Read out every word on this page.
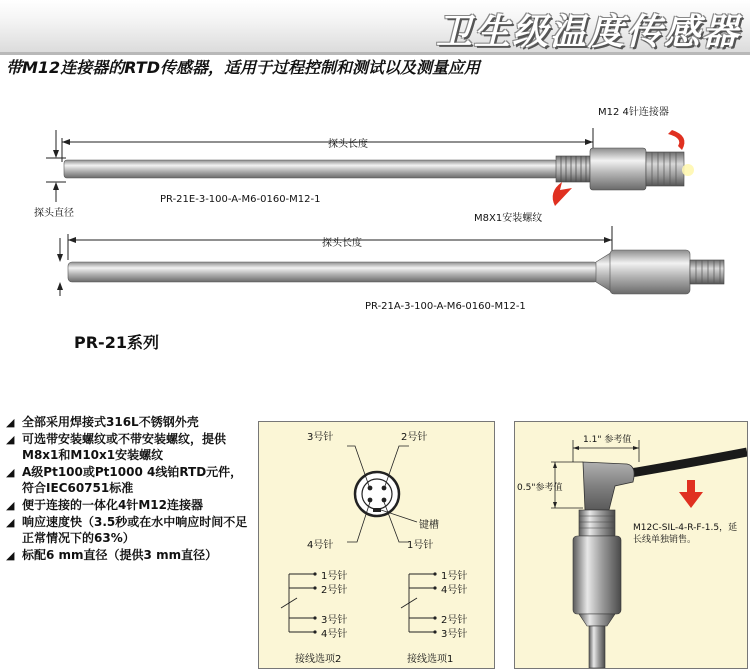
卫生级温度传感器
带M12连接器的RTD传感器，适用于过程控制和测试以及测量应用
探头长度
探头直径
M12 4针连接器
M8X1安装螺纹
PR-21E-3-100-A-M6-0160-M12-1
探头长度
PR-21A-3-100-A-M6-0160-M12-1
PR-21系列
◢ 全部采用焊接式316L不锈钢外壳
◢ 可选带安装螺纹或不带安装螺纹，提供M8x1和M10x1安装螺纹
◢ A级Pt100或Pt1000 4线铂RTD元件，符合IEC60751标准
◢ 便于连接的一体化4针M12连接器
◢ 响应速度快（3.5秒或在水中响应时间不足正常情况下的63%）
◢ 标配6 mm直径（提供3 mm直径）
3号针	2号针
键槽
4号针	1号针
1号针
2号针
3号针
4号针
1号针
4号针
2号针
3号针
接线选项2	接线选项1
1.1" 参考值
0.5"参考值
M12C-SIL-4-R-F-1.5，延长线单独销售。
